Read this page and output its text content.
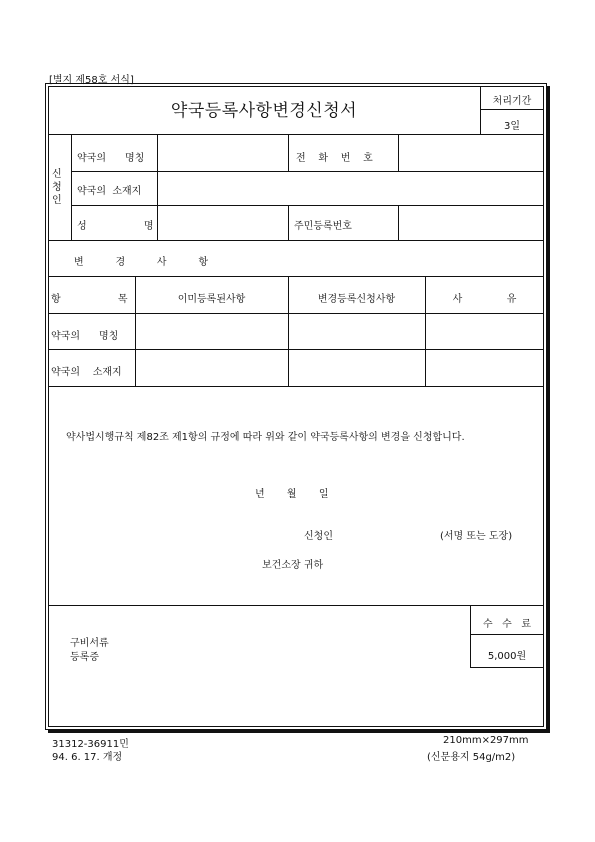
[별지 제58호 서식]
약국등록사항변경신청서	처리기간
3일
신
청
인
약국의      명칭	전    화    번    호
약국의  소재지
성                  명	주민등록번호
변          경          사          항
항                  목	이미등록된사항	변경등록신청사항	사              유
약국의      명칭
약국의    소재지
약사법시행규칙 제82조 제1항의 규정에 따라 위와 같이 약국등록사항의 변경을 신청합니다.
년       월       일
신청인	(서명 또는 도장)
보건소장 귀하
구비서류
등록증
수   수   료
5,000원
31312-36911민
94. 6. 17. 개정
210mm×297mm
(신문용지 54g/m2)
